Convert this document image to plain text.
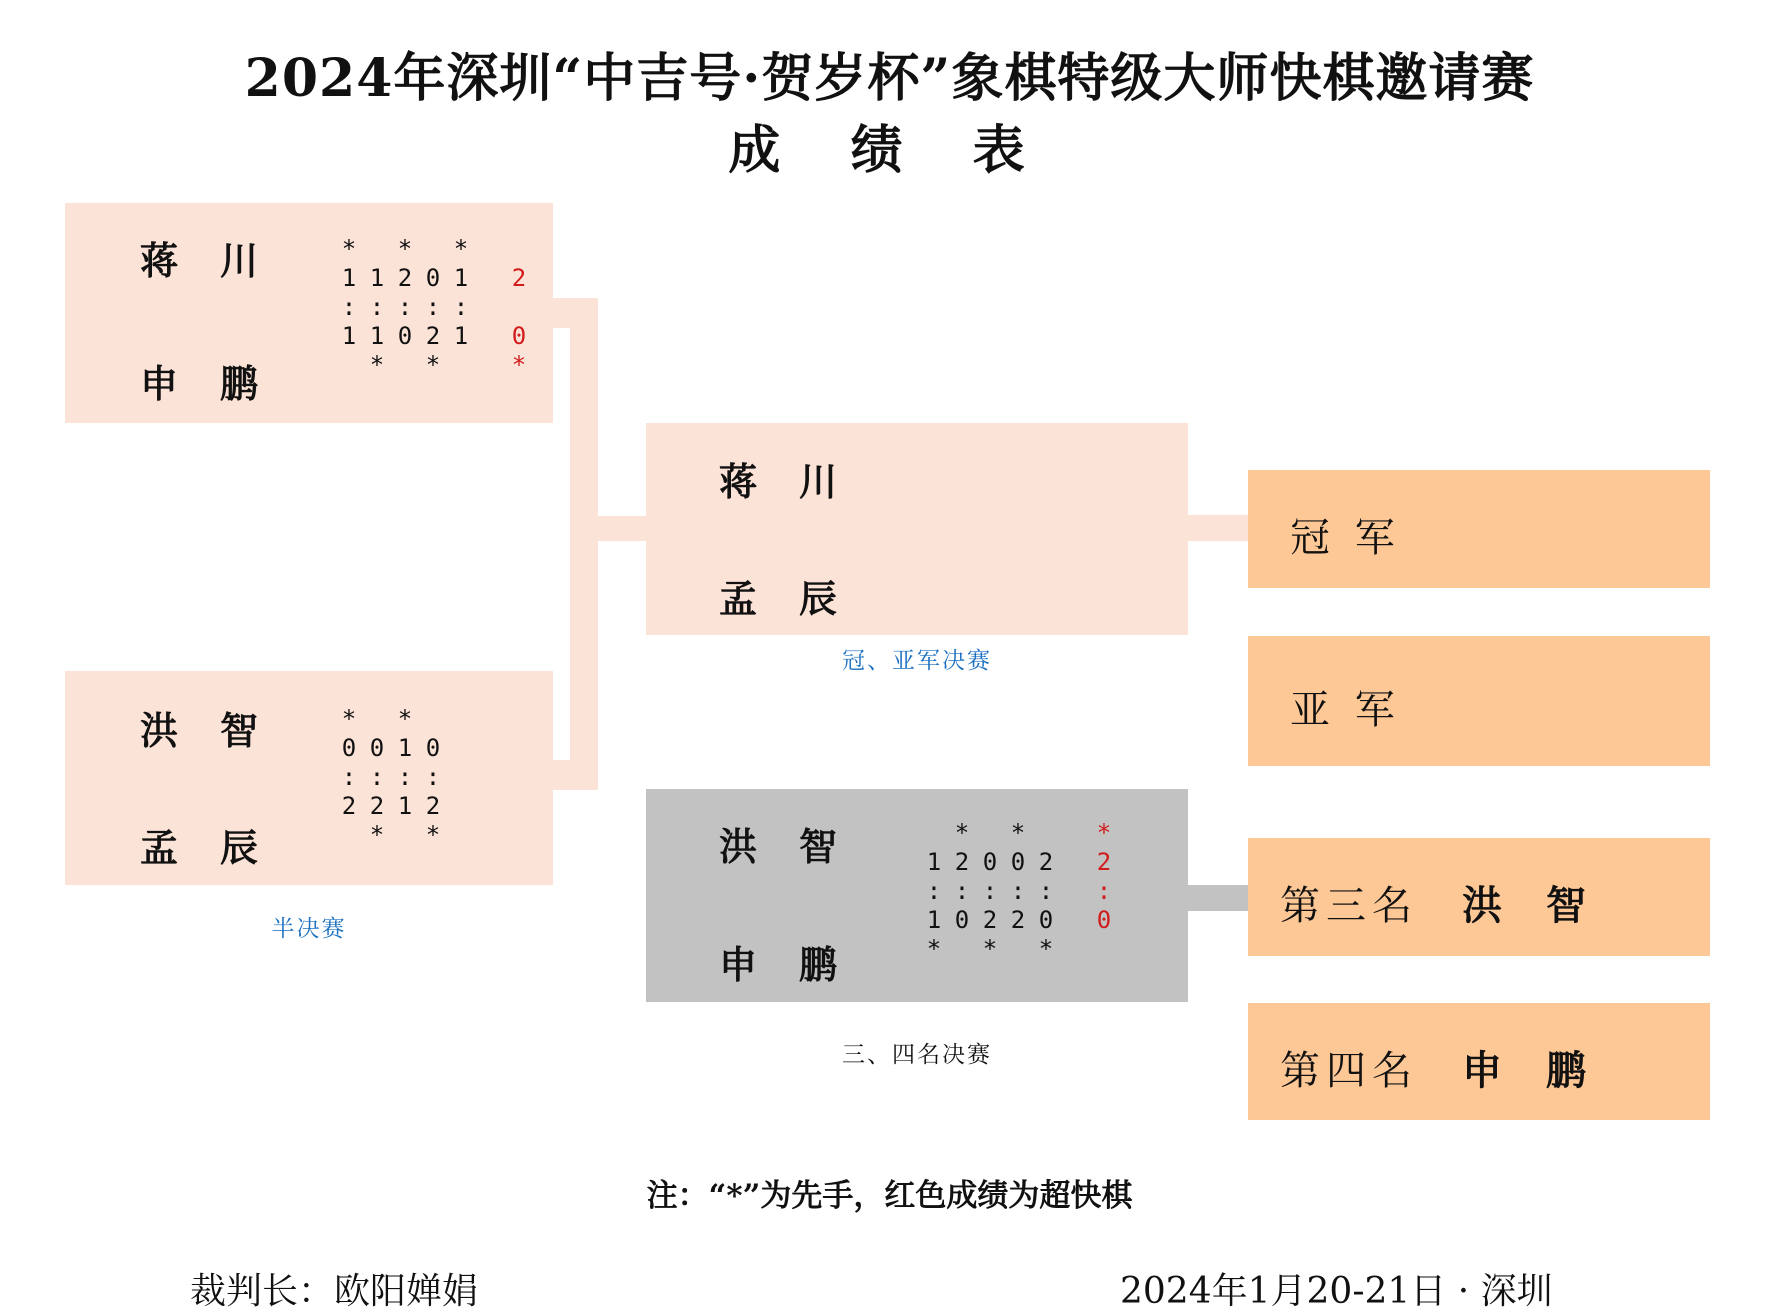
2024年深圳“中吉号·贺岁杯”象棋特级大师快棋邀请赛
成 绩 表
蒋 川
申 鹏
*
1
:
1
1
:
1
*
*
2
:
0
0
:
2
*
*
1
:
1
2
0
*
洪 智
孟 辰
*
0
:
2
0
:
2
*
*
1
:
1
0
:
2
*
半决赛
蒋 川
孟 辰
冠、亚军决赛
洪 智
申 鹏
1
:
1
*
*
2
:
0
0
:
2
*
*
0
:
2
2
:
0
*
*
2
:
0
三、四名决赛
冠 军
亚 军
第三名 洪 智
第四名 申 鹏
注：“*”为先手，红色成绩为超快棋
裁判长：欧阳婵娟	2024年1月20-21日 · 深圳
